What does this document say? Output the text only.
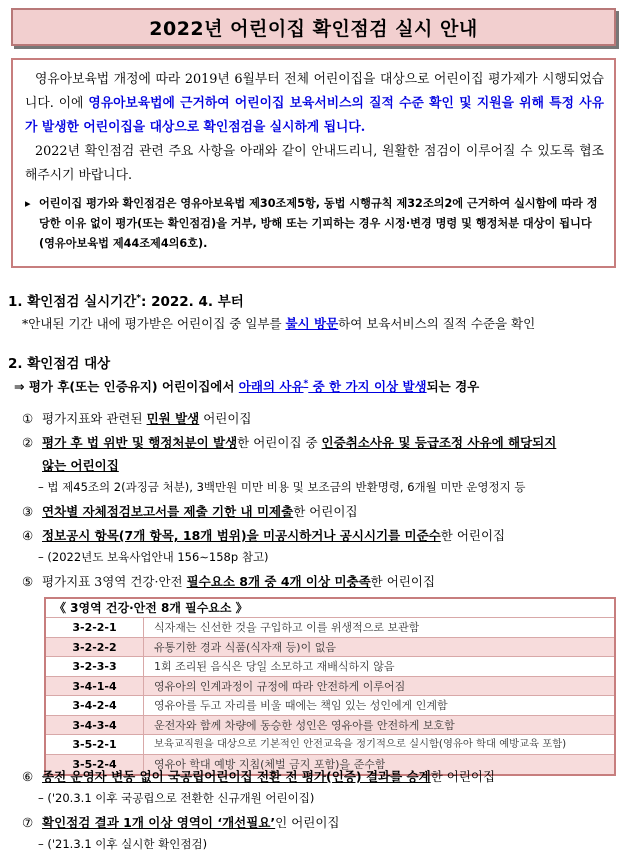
2022년 어린이집 확인점검 실시 안내

영유아보육법 개정에 따라 2019년 6월부터 전체 어린이집을 대상으로 어린이집 평가제가 시행되었습니다. 이에 영유아보육법에 근거하여 어린이집 보육서비스의 질적 수준 확인 및 지원을 위해 특정 사유가 발생한 어린이집을 대상으로 확인점검을 실시하게 됩니다.

2022년 확인점검 관련 주요 사항을 아래와 같이 안내드리니, 원활한 점검이 이루어질 수 있도록 협조해주시기 바랍니다.

▸ 어린이집 평가와 확인점검은 영유아보육법 제30조제5항, 동법 시행규칙 제32조의2에 근거하여 실시함에 따라 정당한 이유 없이 평가(또는 확인점검)을 거부, 방해 또는 기피하는 경우 시정·변경 명령 및 행정처분 대상이 됩니다(영유아보육법 제44조제4의6호).
1. 확인점검 실시기간*: 2022. 4. 부터
*안내된 기간 내에 평가받은 어린이집 중 일부를 불시 방문하여 보육서비스의 질적 수준을 확인
2. 확인점검 대상
⇒ 평가 후(또는 인증유지) 어린이집에서 아래의 사유* 중 한 가지 이상 발생되는 경우
① 평가지표와 관련된 민원 발생 어린이집
② 평가 후 법 위반 및 행정처분이 발생한 어린이집 중 인증취소사유 및 등급조정 사유에 해당되지
않는 어린이집
– 법 제45조의 2(과징금 처분), 3백만원 미만 비용 및 보조금의 반환명령, 6개월 미만 운영정지 등
③ 연차별 자체점검보고서를 제출 기한 내 미제출한 어린이집
④ 정보공시 항목(7개 항목, 18개 범위)을 미공시하거나 공시시기를 미준수한 어린이집
– (2022년도 보육사업안내 156∼158p 참고)
⑤ 평가지표 3영역 건강·안전 필수요소 8개 중 4개 이상 미충족한 어린이집
《 3영역 건강·안전 8개 필수요소 》
3-2-2-1	식자재는 신선한 것을 구입하고 이를 위생적으로 보관함
3-2-2-2	유통기한 경과 식품(식자재 등)이 없음
3-2-3-3	1회 조리된 음식은 당일 소모하고 재배식하지 않음
3-4-1-4	영유아의 인계과정이 규정에 따라 안전하게 이루어짐
3-4-2-4	영유아를 두고 자리를 비울 때에는 책임 있는 성인에게 인계함
3-4-3-4	운전자와 함께 차량에 동승한 성인은 영유아를 안전하게 보호함
3-5-2-1	보육교직원을 대상으로 기본적인 안전교육을 정기적으로 실시함(영유아 학대 예방교육 포함)
3-5-2-4	영유아 학대 예방 지침(체벌 금지 포함)을 준수함
⑥ 종전 운영자 변동 없이 국공립어린이집 전환 전 평가(인증) 결과를 승계한 어린이집
– ('20.3.1 이후 국공립으로 전환한 신규개원 어린이집)
⑦ 확인점검 결과 1개 이상 영역이 ‘개선필요’인 어린이집
– ('21.3.1 이후 실시한 확인점검)
